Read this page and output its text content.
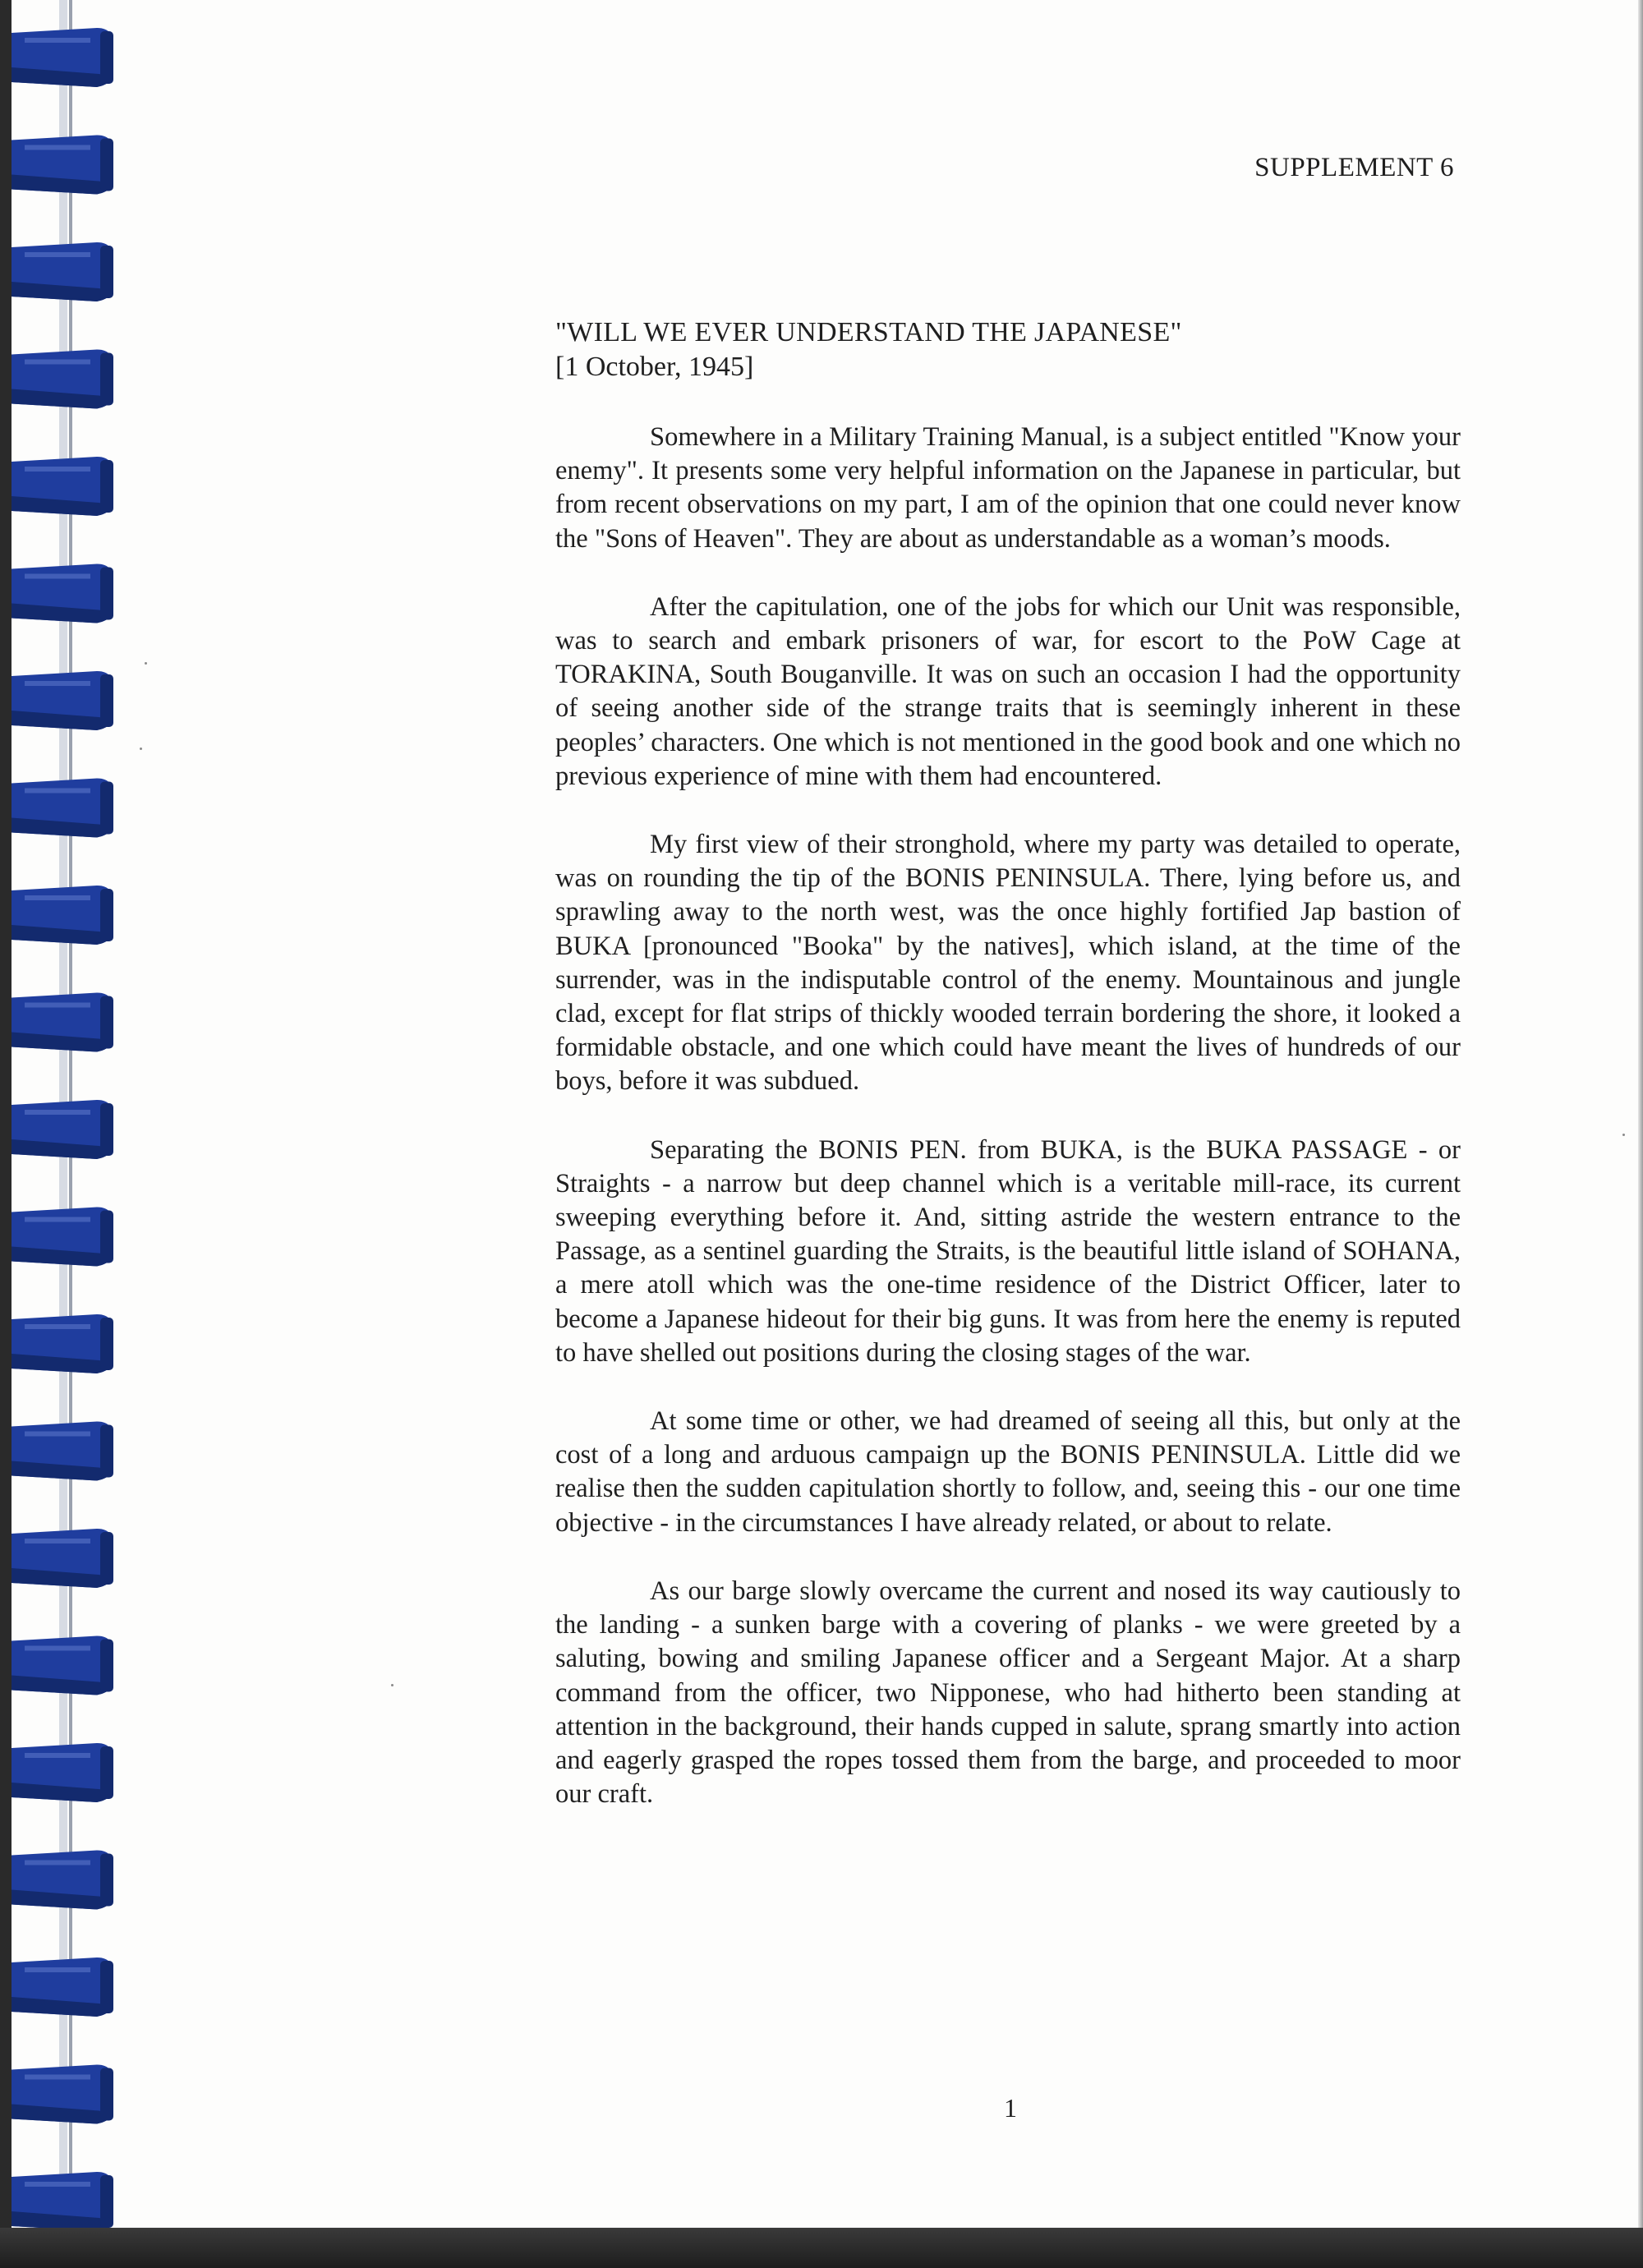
SUPPLEMENT 6
"WILL WE EVER UNDERSTAND THE JAPANESE"
[1 October, 1945]

Somewhere in a Military Training Manual, is a subject entitled "Know your enemy". It presents some very helpful information on the Japanese in particular, but from recent observations on my part, I am of the opinion that one could never know the "Sons of Heaven". They are about as understandable as a woman’s moods.

After the capitulation, one of the jobs for which our Unit was responsible, was to search and embark prisoners of war, for escort to the PoW Cage at TORAKINA, South Bouganville. It was on such an occasion I had the opportunity of seeing another side of the strange traits that is seemingly inherent in these peoples’ characters. One which is not mentioned in the good book and one which no previous experience of mine with them had encountered.

My first view of their stronghold, where my party was detailed to operate, was on rounding the tip of the BONIS PENINSULA. There, lying before us, and sprawling away to the north west, was the once highly fortified Jap bastion of BUKA [pronounced "Booka" by the natives], which island, at the time of the surrender, was in the indisputable control of the enemy. Mountainous and jungle clad, except for flat strips of thickly wooded terrain bordering the shore, it looked a formidable obstacle, and one which could have meant the lives of hundreds of our boys, before it was subdued.

Separating the BONIS PEN. from BUKA, is the BUKA PASSAGE - or Straights - a narrow but deep channel which is a veritable mill-race, its current sweeping everything before it. And, sitting astride the western entrance to the Passage, as a sentinel guarding the Straits, is the beautiful little island of SOHANA, a mere atoll which was the one-time residence of the District Officer, later to become a Japanese hideout for their big guns. It was from here the enemy is reputed to have shelled out positions during the closing stages of the war.

At some time or other, we had dreamed of seeing all this, but only at the cost of a long and arduous campaign up the BONIS PENINSULA. Little did we realise then the sudden capitulation shortly to follow, and, seeing this - our one time objective - in the circumstances I have already related, or about to relate.

As our barge slowly overcame the current and nosed its way cautiously to the landing - a sunken barge with a covering of planks - we were greeted by a saluting, bowing and smiling Japanese officer and a Sergeant Major. At a sharp command from the officer, two Nipponese, who had hitherto been standing at attention in the background, their hands cupped in salute, sprang smartly into action and eagerly grasped the ropes tossed them from the barge, and proceeded to moor our craft.

1
